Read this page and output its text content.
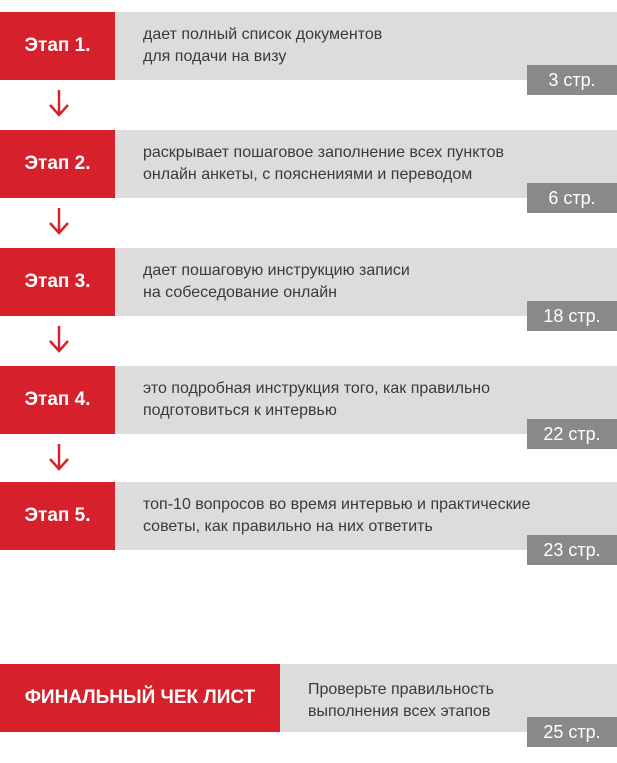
Этап 1.
дает полный список документов
для подачи на визу
3 стр.
Этап 2.
раскрывает пошаговое заполнение всех пунктов
онлайн анкеты, с пояснениями и переводом
6 стр.
Этап 3.
дает пошаговую инструкцию записи
на собеседование онлайн
18 стр.
Этап 4.
это подробная инструкция того, как правильно
подготовиться к интервью
22 стр.
Этап 5.
топ-10 вопросов во время интервью и практические
советы, как правильно на них ответить
23 стр.
ФИНАЛЬНЫЙ ЧЕК ЛИСТ	Проверьте правильность
выполнения всех этапов
25 стр.
